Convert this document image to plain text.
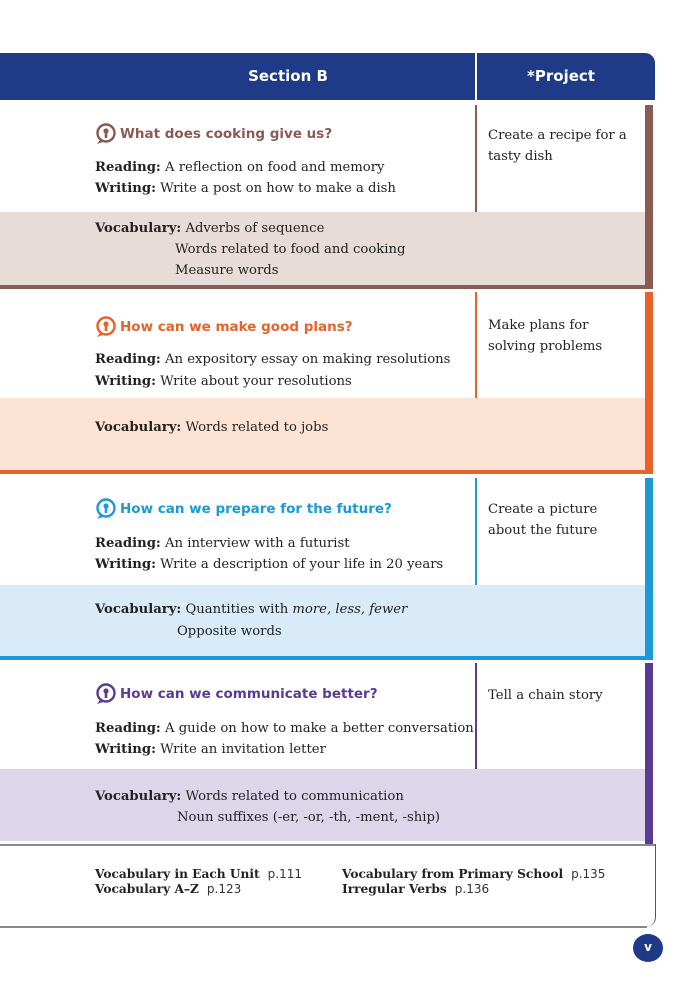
Section B	*Project
What does cooking give us?
Reading: A reflection on food and memory
Writing: Write a post on how to make a dish
Vocabulary: Adverbs of sequence
Words related to food and cooking
Measure words
Create a recipe for a tasty dish
How can we make good plans?
Reading: An expository essay on making resolutions
Writing: Write about your resolutions
Vocabulary: Words related to jobs
Make plans for solving problems
How can we prepare for the future?
Reading: An interview with a futurist
Writing: Write a description of your life in 20 years
Vocabulary: Quantities with more, less, fewer
Opposite words
Create a picture about the future
How can we communicate better?
Reading: A guide on how to make a better conversation
Writing: Write an invitation letter
Vocabulary: Words related to communication
Noun suffixes (-er, -or, -th, -ment, -ship)
Tell a chain story
Vocabulary in Each Unit p.111
Vocabulary A–Z p.123
Vocabulary from Primary School p.135
Irregular Verbs p.136
v
